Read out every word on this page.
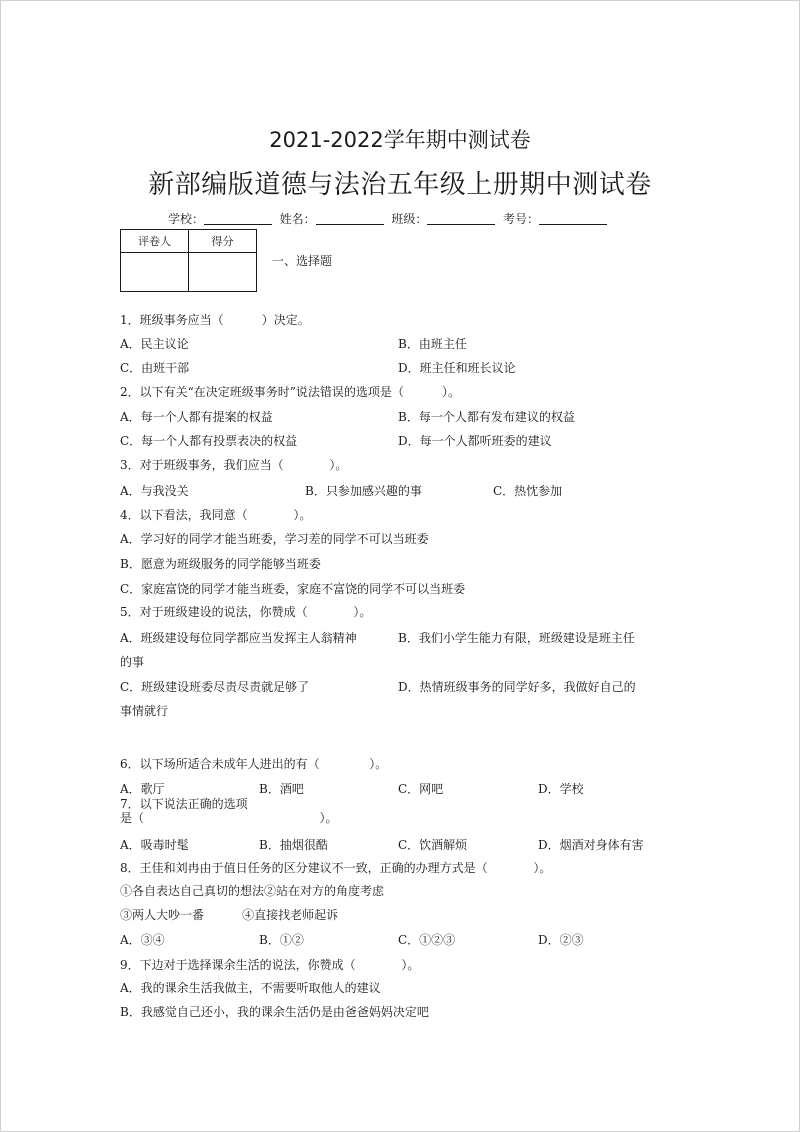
2021-2022学年期中测试卷
新部编版道德与法治五年级上册期中测试卷
学校：	姓名：	班级：	考号：
评卷人	得分

一、选择题
1．班级事务应当（          ）决定。
A．民主议论	B．由班主任
C．由班干部	D．班主任和班长议论
2．以下有关“在决定班级事务时”说法错误的选项是（          ）。
A．每一个人都有提案的权益	B．每一个人都有发布建议的权益
C．每一个人都有投票表决的权益	D．每一个人都听班委的建议
3．对于班级事务，我们应当（            ）。
A．与我没关	B．只参加感兴趣的事	C．热忱参加
4．以下看法，我同意（            ）。
A．学习好的同学才能当班委，学习差的同学不可以当班委
B．愿意为班级服务的同学能够当班委
C．家庭富饶的同学才能当班委，家庭不富饶的同学不可以当班委
5．对于班级建设的说法，你赞成（            ）。
A．班级建设每位同学都应当发挥主人翁精神	B．我们小学生能力有限，班级建设是班主任
的事
C．班级建设班委尽责尽责就足够了	D．热情班级事务的同学好多，我做好自己的
事情就行
6．以下场所适合未成年人进出的有（             ）。
A．歌厅	B．酒吧	C．网吧	D．学校
7．以下说法正确的选项
是（                                              ）。
A．吸毒时髦	B．抽烟很酷	C．饮酒解烦	D．烟酒对身体有害
8．王佳和刘冉由于值日任务的区分建议不一致，正确的办理方式是（            ）。
①各自表达自己真切的想法②站在对方的角度考虑
③两人大吵一番          ④直接找老师起诉
A．③④	B．①②	C．①②③	D．②③
9．下边对于选择课余生活的说法，你赞成（            ）。
A．我的课余生活我做主，不需要听取他人的建议
B．我感觉自己还小，我的课余生活仍是由爸爸妈妈决定吧
